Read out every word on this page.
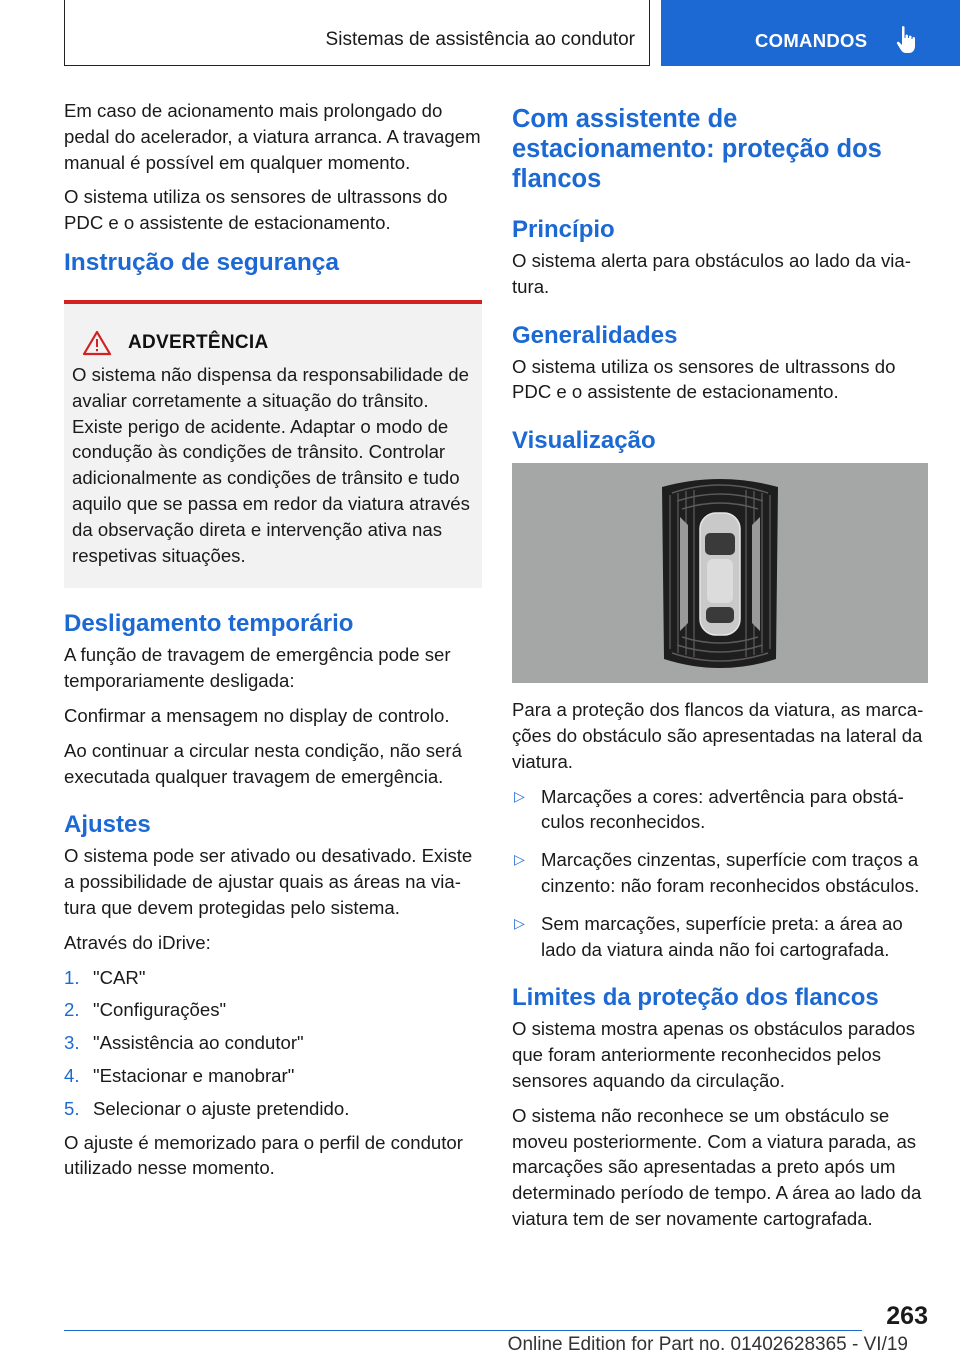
Sistemas de assistência ao condutor	COMANDOS

Em caso de acionamento mais prolongado do pedal do acelerador, a viatura arranca. A travagem manual é possível em qualquer momento.

O sistema utiliza os sensores de ultrassons do PDC e o assistente de estacionamento.

Instrução de segurança
ADVERTÊNCIA

O sistema não dispensa da responsabilidade de avaliar corretamente a situação do trânsito. Existe perigo de acidente. Adaptar o modo de condução às condições de trânsito. Controlar adicionalmente as condições de trânsito e tudo aquilo que se passa em redor da viatura através da observação direta e intervenção ativa nas respetivas situações.

Desligamento temporário

A função de travagem de emergência pode ser temporariamente desligada:

Confirmar a mensagem no display de controlo.

Ao continuar a circular nesta condição, não será executada qualquer travagem de emergência.

Ajustes

O sistema pode ser ativado ou desativado. Existe a possibilidade de ajustar quais as áreas na viatura que devem protegidas pelo sistema.

Através do iDrive:

1. "CAR"
2. "Configurações"
3. "Assistência ao condutor"
4. "Estacionar e manobrar"
5. Selecionar o ajuste pretendido.

O ajuste é memorizado para o perfil de condutor utilizado nesse momento.

Com assistente de estacionamento: proteção dos flancos
Princípio

O sistema alerta para obstáculos ao lado da viatura.

Generalidades

O sistema utiliza os sensores de ultrassons do PDC e o assistente de estacionamento.

Visualização

Para a proteção dos flancos da viatura, as marcações do obstáculo são apresentadas na lateral da viatura.

▷ Marcações a cores: advertência para obstáculos reconhecidos.
▷ Marcações cinzentas, superfície com traços a cinzento: não foram reconhecidos obstáculos.
▷ Sem marcações, superfície preta: a área ao lado da viatura ainda não foi cartografada.
Limites da proteção dos flancos

O sistema mostra apenas os obstáculos parados que foram anteriormente reconhecidos pelos sensores aquando da circulação.

O sistema não reconhece se um obstáculo se moveu posteriormente. Com a viatura parada, as marcações são apresentadas a preto após um determinado período de tempo. A área ao lado da viatura tem de ser novamente cartografada.

263
Online Edition for Part no. 01402628365 - VI/19
